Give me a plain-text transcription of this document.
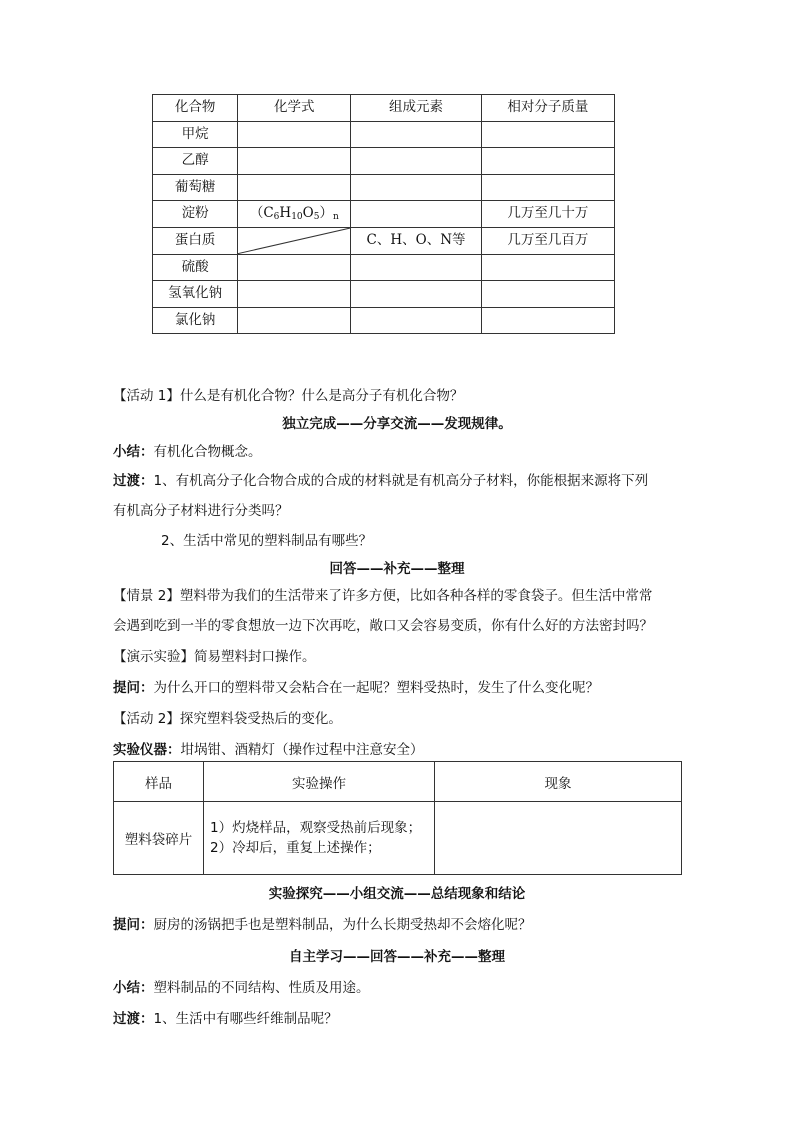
化合物	化学式	组成元素	相对分子质量
甲烷			
乙醇			
葡萄糖			
淀粉	$(C_6H_{10}O_5)_n$		几万至几十万
蛋白质		C、H、O、N等	几万至几百万
硫酸			
氢氧化钠			
氯化钠			
【活动 1】什么是有机化合物？什么是高分子有机化合物？
独立完成——分享交流——发现规律。
小结：有机化合物概念。
过渡：1、有机高分子化合物合成的合成的材料就是有机高分子材料，你能根据来源将下列
有机高分子材料进行分类吗？
2、生活中常见的塑料制品有哪些？
回答——补充——整理
【情景 2】塑料带为我们的生活带来了许多方便，比如各种各样的零食袋子。但生活中常常
会遇到吃到一半的零食想放一边下次再吃，敞口又会容易变质，你有什么好的方法密封吗？
【演示实验】简易塑料封口操作。
提问：为什么开口的塑料带又会粘合在一起呢？塑料受热时，发生了什么变化呢？
【活动 2】探究塑料袋受热后的变化。
实验仪器：坩埚钳、酒精灯（操作过程中注意安全）
样品	实验操作	现象
塑料袋碎片	1）灼烧样品，观察受热前后现象；
2）冷却后，重复上述操作；	

实验探究——小组交流——总结现象和结论
提问：厨房的汤锅把手也是塑料制品，为什么长期受热却不会熔化呢？
自主学习——回答——补充——整理
小结：塑料制品的不同结构、性质及用途。
过渡：1、生活中有哪些纤维制品呢？
